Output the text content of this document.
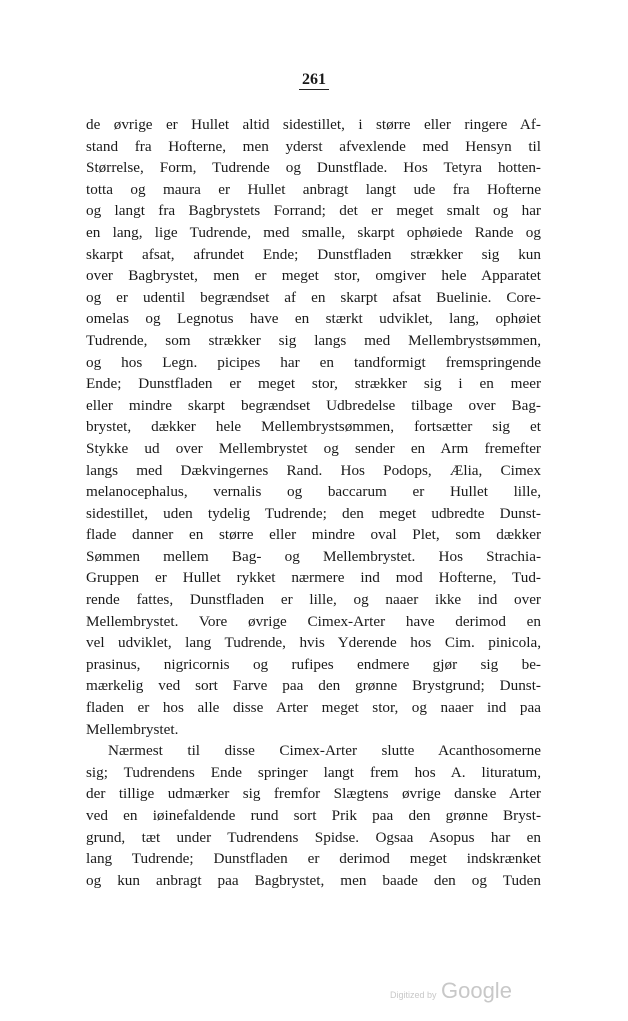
261
de øvrige er Hullet altid sidestillet, i større eller ringere Af-
stand fra Hofterne, men yderst afvexlende med Hensyn til
Størrelse, Form, Tudrende og Dunstflade. Hos Tetyra hotten-
totta og maura er Hullet anbragt langt ude fra Hofterne
og langt fra Bagbrystets Forrand; det er meget smalt og har
en lang, lige Tudrende, med smalle, skarpt ophøiede Rande og
skarpt afsat, afrundet Ende; Dunstfladen strækker sig kun
over Bagbrystet, men er meget stor, omgiver hele Apparatet
og er udentil begrændset af en skarpt afsat Buelinie. Core-
omelas og Legnotus have en stærkt udviklet, lang, ophøiet
Tudrende, som strækker sig langs med Mellembrystsømmen,
og hos Legn. picipes har en tandformigt fremspringende
Ende; Dunstfladen er meget stor, strækker sig i en meer
eller mindre skarpt begrændset Udbredelse tilbage over Bag-
brystet, dækker hele Mellembrystsømmen, fortsætter sig et
Stykke ud over Mellembrystet og sender en Arm fremefter
langs med Dækvingernes Rand. Hos Podops, Ælia, Cimex
melanocephalus, vernalis og baccarum er Hullet lille,
sidestillet, uden tydelig Tudrende; den meget udbredte Dunst-
flade danner en større eller mindre oval Plet, som dækker
Sømmen mellem Bag- og Mellembrystet. Hos Strachia-
Gruppen er Hullet rykket nærmere ind mod Hofterne, Tud-
rende fattes, Dunstfladen er lille, og naaer ikke ind over
Mellembrystet. Vore øvrige Cimex-Arter have derimod en
vel udviklet, lang Tudrende, hvis Yderende hos Cim. pinicola,
prasinus, nigricornis og rufipes endmere gjør sig be-
mærkelig ved sort Farve paa den grønne Brystgrund; Dunst-
fladen er hos alle disse Arter meget stor, og naaer ind paa
Mellembrystet.
Nærmest til disse Cimex-Arter slutte Acanthosomerne
sig; Tudrendens Ende springer langt frem hos A. lituratum,
der tillige udmærker sig fremfor Slægtens øvrige danske Arter
ved en iøinefaldende rund sort Prik paa den grønne Bryst-
grund, tæt under Tudrendens Spidse. Ogsaa Asopus har en
lang Tudrende; Dunstfladen er derimod meget indskrænket
og kun anbragt paa Bagbrystet, men baade den og Tuden
Digitized by Google
